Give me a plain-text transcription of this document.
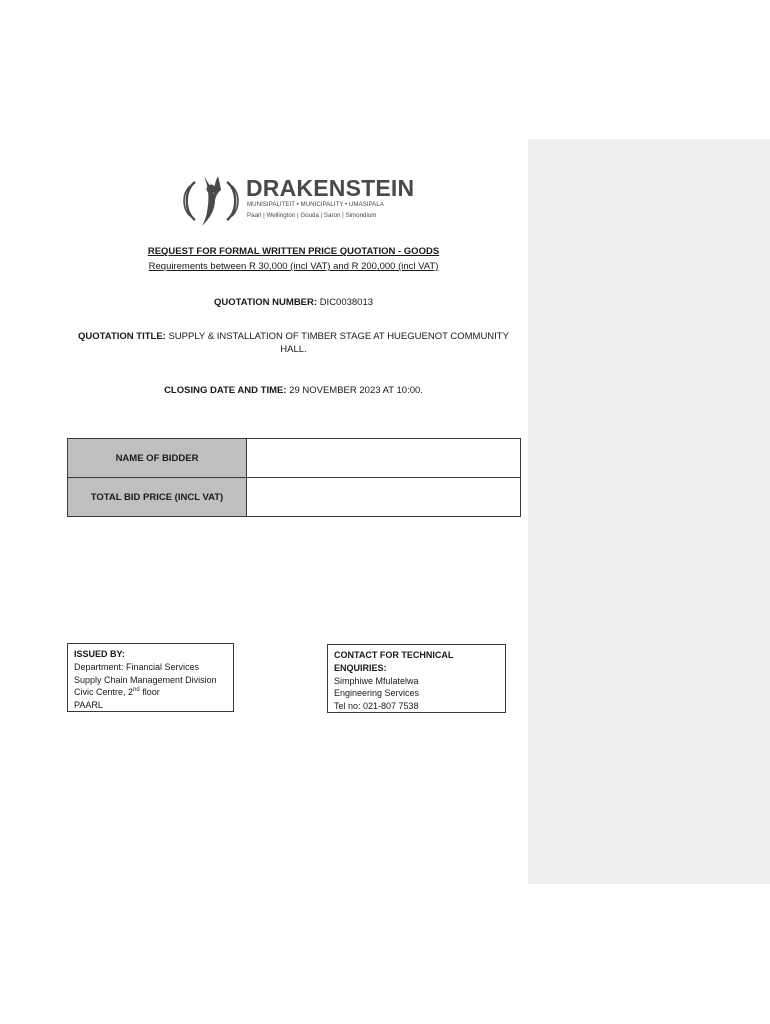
DRAKENSTEIN
MUNISIPALITEIT • MUNICIPALITY • UMASIPALA
Paarl | Wellington | Gouda | Saron | Simondium
REQUEST FOR FORMAL WRITTEN PRICE QUOTATION - GOODS
Requirements between R 30,000 (incl VAT) and R 200,000 (incl VAT)
QUOTATION NUMBER: DIC0038013
QUOTATION TITLE: SUPPLY & INSTALLATION OF TIMBER STAGE AT HUEGUENOT COMMUNITY HALL.
CLOSING DATE AND TIME: 29 NOVEMBER 2023 AT 10:00.
NAME OF BIDDER	
TOTAL BID PRICE (INCL VAT)	
ISSUED BY:
Department: Financial Services
Supply Chain Management Division
Civic Centre, 2nd floor
PAARL
CONTACT FOR TECHNICAL ENQUIRIES:
Simphiwe Mfulatelwa
Engineering Services
Tel no: 021-807 7538
